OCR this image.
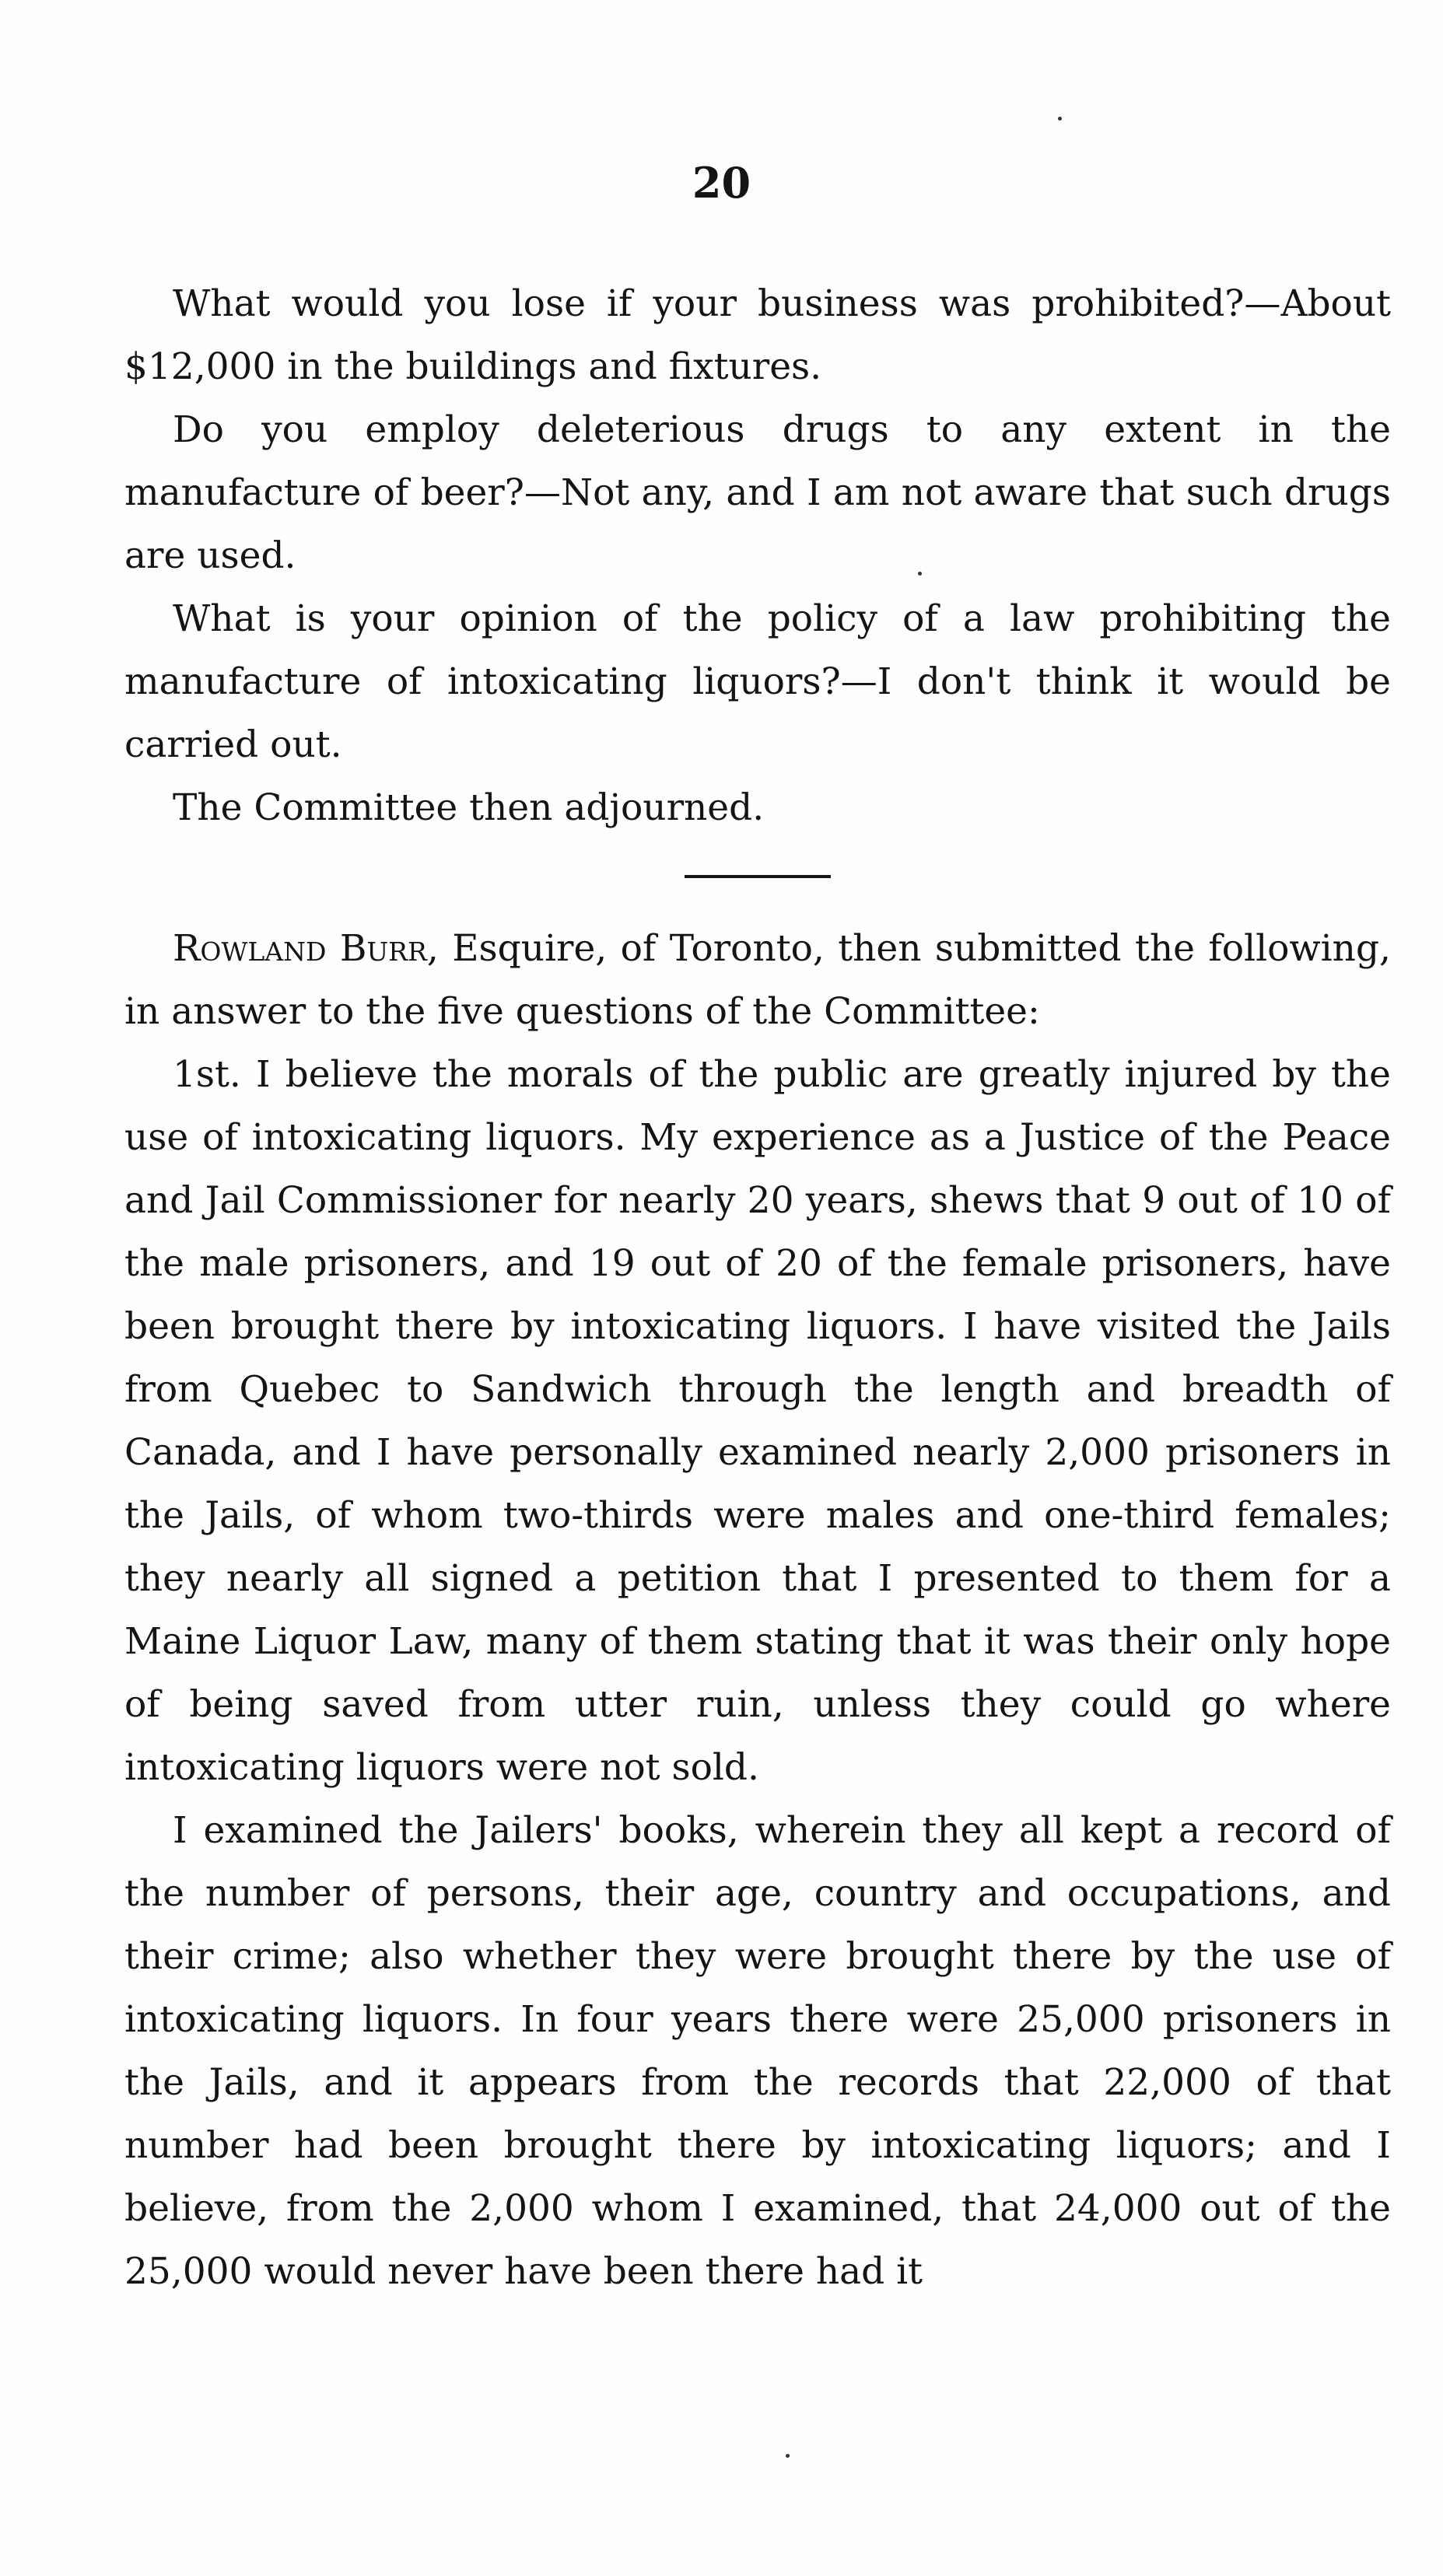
20

What would you lose if your business was prohibited?—About $12,000 in the buildings and fixtures.

Do you employ deleterious drugs to any extent in the manufacture of beer?—Not any, and I am not aware that such drugs are used.

What is your opinion of the policy of a law prohibiting the manufacture of intoxicating liquors?—I don't think it would be carried out.

The Committee then adjourned.

Rowland Burr, Esquire, of Toronto, then submitted the following, in answer to the five questions of the Committee:

1st. I believe the morals of the public are greatly injured by the use of intoxicating liquors. My experience as a Justice of the Peace and Jail Commissioner for nearly 20 years, shews that 9 out of 10 of the male prisoners, and 19 out of 20 of the female prisoners, have been brought there by intoxicating liquors. I have visited the Jails from Quebec to Sandwich through the length and breadth of Canada, and I have personally examined nearly 2,000 prisoners in the Jails, of whom two-thirds were males and one-third females; they nearly all signed a petition that I presented to them for a Maine Liquor Law, many of them stating that it was their only hope of being saved from utter ruin, unless they could go where intoxicating liquors were not sold.

I examined the Jailers' books, wherein they all kept a record of the number of persons, their age, country and occupations, and their crime; also whether they were brought there by the use of intoxicating liquors. In four years there were 25,000 prisoners in the Jails, and it appears from the records that 22,000 of that number had been brought there by intoxicating liquors; and I believe, from the 2,000 whom I examined, that 24,000 out of the 25,000 would never have been there had it
